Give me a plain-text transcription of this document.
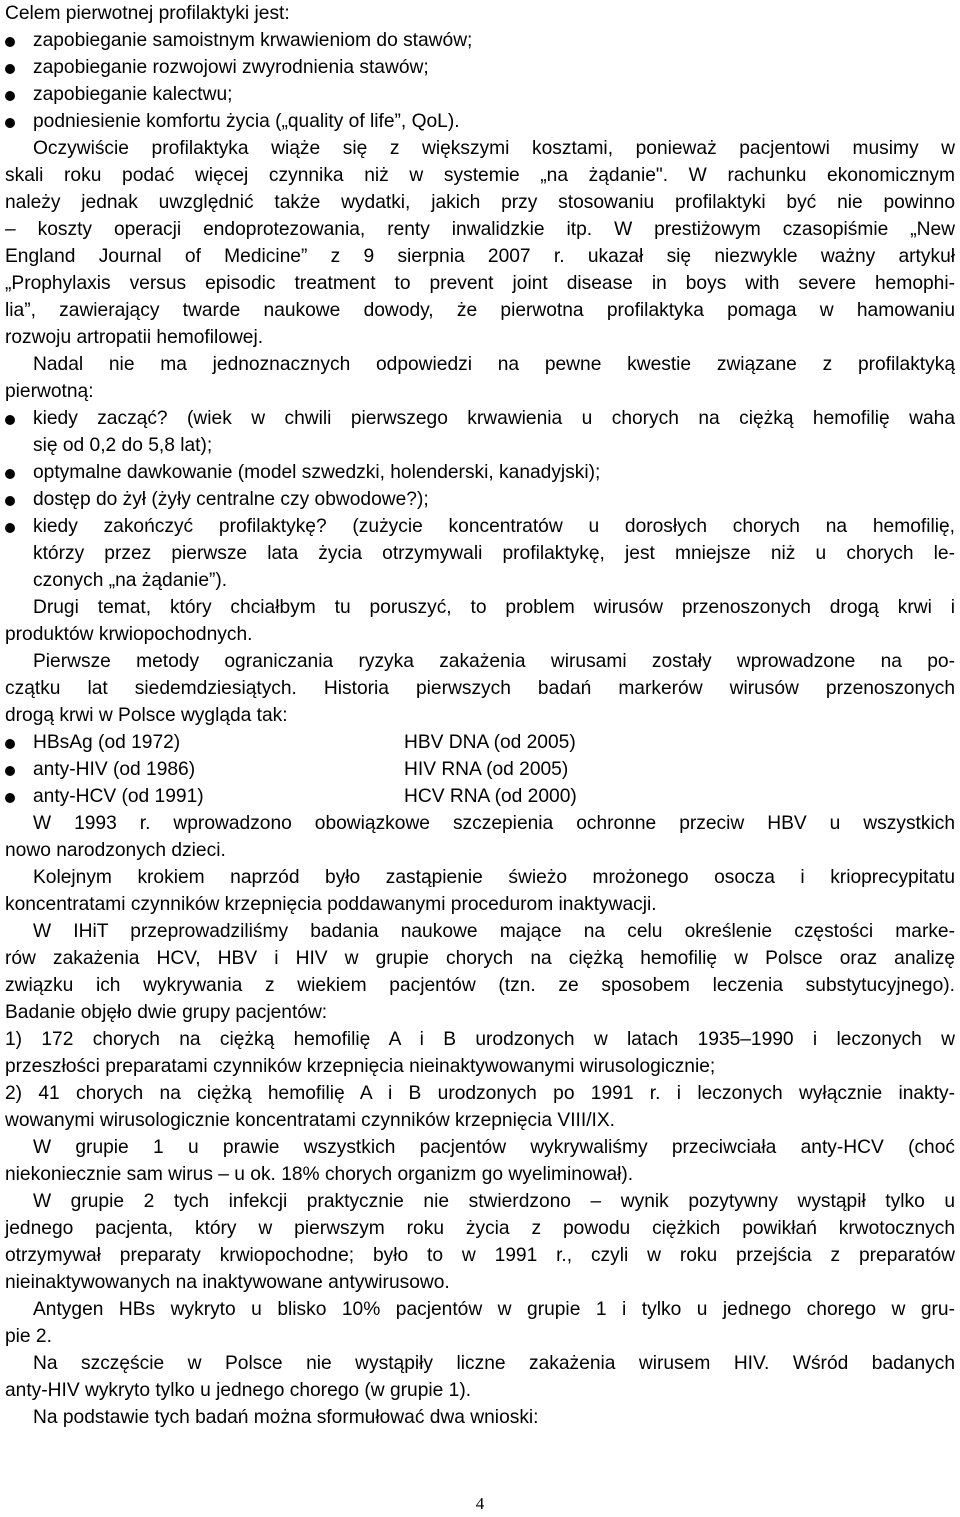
Celem pierwotnej profilaktyki jest:
zapobieganie samoistnym krwawieniom do stawów;
zapobieganie rozwojowi zwyrodnienia stawów;
zapobieganie kalectwu;
podniesienie komfortu życia („quality of life”, QoL).
Oczywiście profilaktyka wiąże się z większymi kosztami, ponieważ pacjentowi musimy w
skali roku podać więcej czynnika niż w systemie „na żądanie". W rachunku ekonomicznym
należy jednak uwzględnić także wydatki, jakich przy stosowaniu profilaktyki być nie powinno
– koszty operacji endoprotezowania, renty inwalidzkie itp. W prestiżowym czasopiśmie „New
England Journal of Medicine” z 9 sierpnia 2007 r. ukazał się niezwykle ważny artykuł
„Prophylaxis versus episodic treatment to prevent joint disease in boys with severe hemophi-
lia”, zawierający twarde naukowe dowody, że pierwotna profilaktyka pomaga w hamowaniu
rozwoju artropatii hemofilowej.
Nadal nie ma jednoznacznych odpowiedzi na pewne kwestie związane z profilaktyką
pierwotną:
kiedy zacząć? (wiek w chwili pierwszego krwawienia u chorych na ciężką hemofilię waha
się od 0,2 do 5,8 lat);
optymalne dawkowanie (model szwedzki, holenderski, kanadyjski);
dostęp do żył (żyły centralne czy obwodowe?);
kiedy zakończyć profilaktykę? (zużycie koncentratów u dorosłych chorych na hemofilię,
którzy przez pierwsze lata życia otrzymywali profilaktykę, jest mniejsze niż u chorych le-
czonych „na żądanie”).
Drugi temat, który chciałbym tu poruszyć, to problem wirusów przenoszonych drogą krwi i
produktów krwiopochodnych.
Pierwsze metody ograniczania ryzyka zakażenia wirusami zostały wprowadzone na po-
czątku lat siedemdziesiątych. Historia pierwszych badań markerów wirusów przenoszonych
drogą krwi w Polsce wygląda tak:
HBsAg (od 1972)	HBV DNA (od 2005)
anty-HIV (od 1986)	HIV RNA (od 2005)
anty-HCV (od 1991)	HCV RNA (od 2000)
W 1993 r. wprowadzono obowiązkowe szczepienia ochronne przeciw HBV u wszystkich
nowo narodzonych dzieci.
Kolejnym krokiem naprzód było zastąpienie świeżo mrożonego osocza i krioprecypitatu
koncentratami czynników krzepnięcia poddawanymi procedurom inaktywacji.
W IHiT przeprowadziliśmy badania naukowe mające na celu określenie częstości marke-
rów zakażenia HCV, HBV i HIV w grupie chorych na ciężką hemofilię w Polsce oraz analizę
związku ich wykrywania z wiekiem pacjentów (tzn. ze sposobem leczenia substytucyjnego).
Badanie objęło dwie grupy pacjentów:
1) 172 chorych na ciężką hemofilię A i B urodzonych w latach 1935–1990 i leczonych w
przeszłości preparatami czynników krzepnięcia nieinaktywowanymi wirusologicznie;
2) 41 chorych na ciężką hemofilię A i B urodzonych po 1991 r. i leczonych wyłącznie inakty-
wowanymi wirusologicznie koncentratami czynników krzepnięcia VIII/IX.
W grupie 1 u prawie wszystkich pacjentów wykrywaliśmy przeciwciała anty-HCV (choć
niekoniecznie sam wirus – u ok. 18% chorych organizm go wyeliminował).
W grupie 2 tych infekcji praktycznie nie stwierdzono – wynik pozytywny wystąpił tylko u
jednego pacjenta, który w pierwszym roku życia z powodu ciężkich powikłań krwotocznych
otrzymywał preparaty krwiopochodne; było to w 1991 r., czyli w roku przejścia z preparatów
nieinaktywowanych na inaktywowane antywirusowo.
Antygen HBs wykryto u blisko 10% pacjentów w grupie 1 i tylko u jednego chorego w gru-
pie 2.
Na szczęście w Polsce nie wystąpiły liczne zakażenia wirusem HIV. Wśród badanych
anty-HIV wykryto tylko u jednego chorego (w grupie 1).
Na podstawie tych badań można sformułować dwa wnioski:
4
